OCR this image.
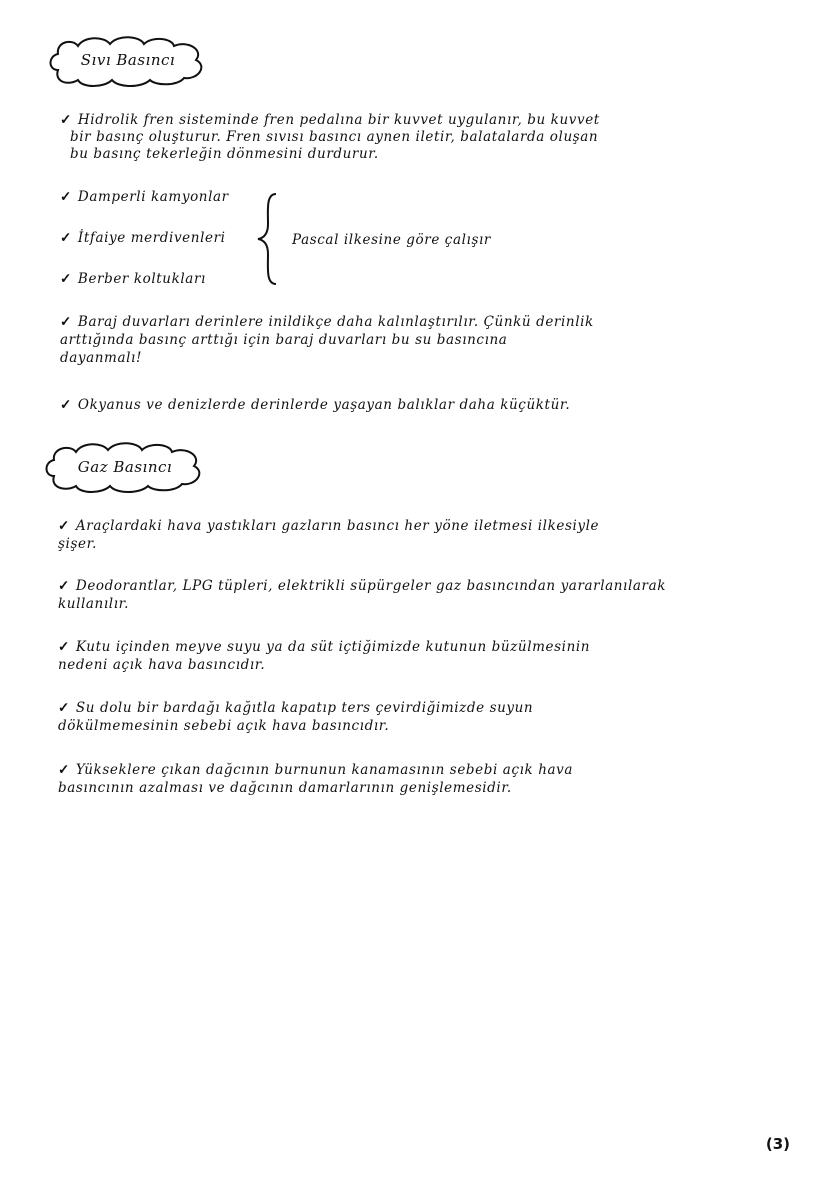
Sıvı Basıncı
✓ Hidrolik fren sisteminde fren pedalına bir kuvvet uygulanır, bu kuvvet
bir basınç oluşturur. Fren sıvısı basıncı aynen iletir, balatalarda oluşan
bu basınç tekerleğin dönmesini durdurur.
✓ Damperli kamyonlar
✓ İtfaiye merdivenleri
✓ Berber koltukları
Pascal ilkesine göre çalışır
✓ Baraj duvarları derinlere inildikçe daha kalınlaştırılır. Çünkü derinlik
arttığında basınç arttığı için baraj duvarları bu su basıncına
dayanmalı!
✓ Okyanus ve denizlerde derinlerde yaşayan balıklar daha küçüktür.
Gaz Basıncı
✓ Araçlardaki hava yastıkları gazların basıncı her yöne iletmesi ilkesiyle
şişer.
✓ Deodorantlar, LPG tüpleri, elektrikli süpürgeler gaz basıncından yararlanılarak
kullanılır.
✓ Kutu içinden meyve suyu ya da süt içtiğimizde kutunun büzülmesinin
nedeni açık hava basıncıdır.
✓ Su dolu bir bardağı kağıtla kapatıp ters çevirdiğimizde suyun
dökülmemesinin sebebi açık hava basıncıdır.
✓ Yükseklere çıkan dağcının burnunun kanamasının sebebi açık hava
basıncının azalması ve dağcının damarlarının genişlemesidir.
(3)
